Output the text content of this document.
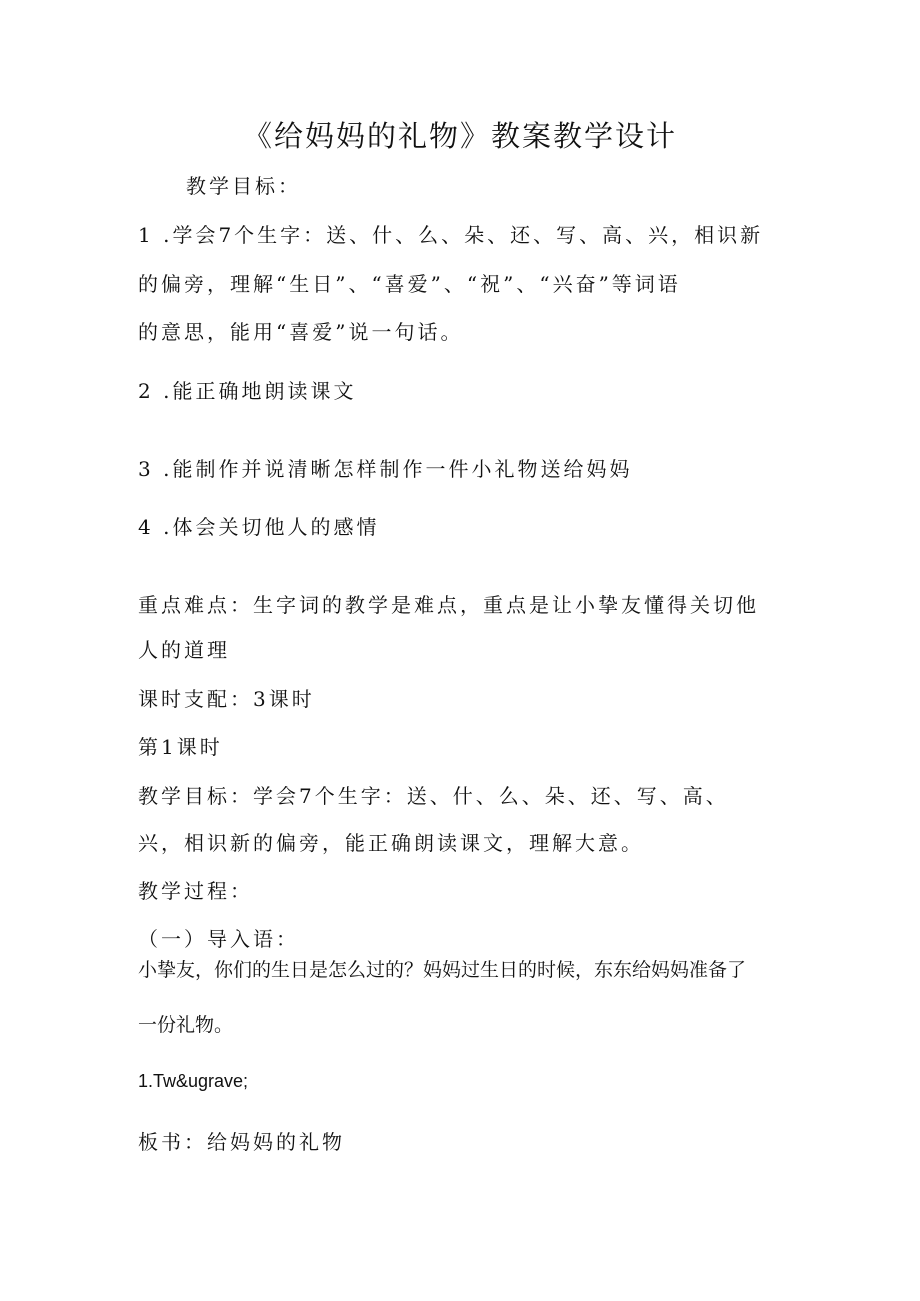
《给妈妈的礼物》教案教学设计
教学目标：
1 .学会7个生字：送、什、么、朵、还、写、高、兴，相识新
的偏旁，理解“生日”、“喜爱”、“祝”、“兴奋”等词语
的意思，能用“喜爱”说一句话。
2 .能正确地朗读课文
3 .能制作并说清晰怎样制作一件小礼物送给妈妈
4 .体会关切他人的感情
重点难点：生字词的教学是难点，重点是让小挚友懂得关切他
人的道理
课时支配：3课时
第1课时
教学目标：学会7个生字：送、什、么、朵、还、写、高、
兴，相识新的偏旁，能正确朗读课文，理解大意。
教学过程：
（一）导入语：
小挚友，你们的生日是怎么过的？妈妈过生日的时候，东东给妈妈准备了
一份礼物。
1.Tw&ugrave;
板书：给妈妈的礼物
